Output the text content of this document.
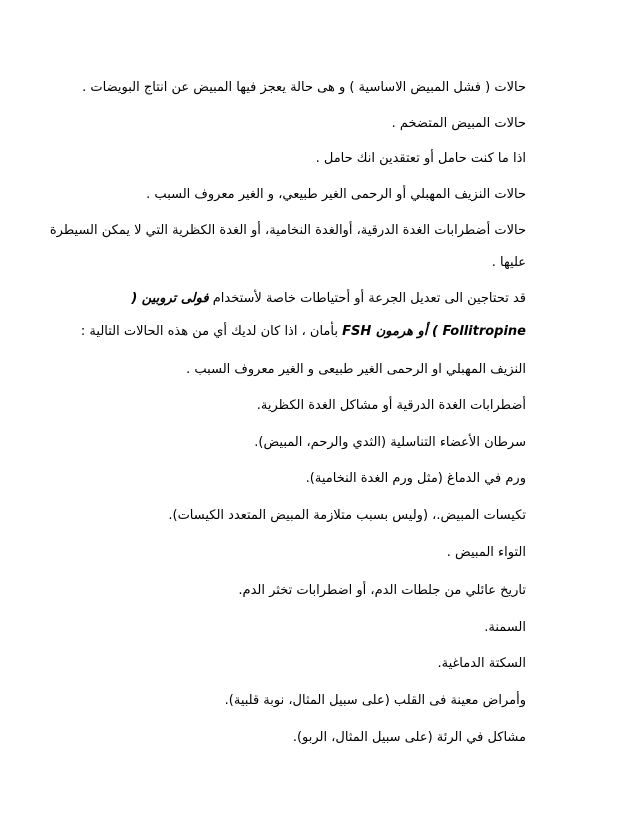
حالات ( فشل المبيض الاساسية ) و هى حالة يعجز فيها المبيض عن انتاج البويضات .
حالات المبيض المتضخم .
اذا ما كنت حامل أو تعتقدين انك حامل .
حالات النزيف المهبلي أو الرحمى الغير طبيعي، و الغير معروف السبب .
حالات أضطرابات الغدة الدرقية، أوالغدة النخامية، أو الغدة الكظرية التي لا يمكن السيطرة
عليها .
قد تحتاجين الى تعديل الجرعة أو أحتياطات خاصة لأستخدام فولى تروبين (
Follitropine ) أو هرمون FSH بأمان ، اذا كان لديك أي من هذه الحالات التالية :
النزيف المهبلي او الرحمى الغير طبيعى و الغير معروف السبب .
أضطرابات الغدة الدرقية أو مشاكل الغدة الكظرية.
سرطان الأعضاء التناسلية (الثدي والرحم، المبيض).
ورم في الدماغ (مثل ورم الغدة النخامية).
تكيسات المبيض.، (وليس بسبب متلازمة المبيض المتعدد الكيسات).
التواء المبيض .
تاريخ عائلي من جلطات الدم، أو اضطرابات تخثر الدم.
السمنة.
السكتة الدماغية.
وأمراض معينة فى القلب (على سبيل المثال، نوبة قلبية).
مشاكل في الرئة (على سبيل المثال، الربو).
